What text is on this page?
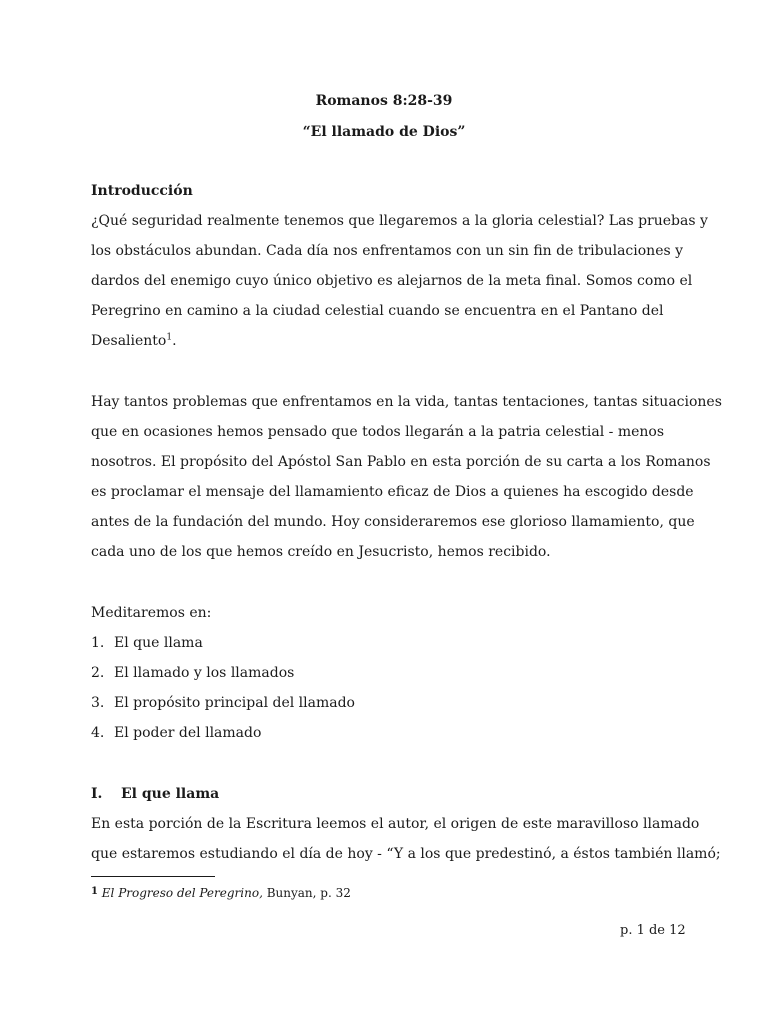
Romanos 8:28-39
“El llamado de Dios”
Introducción
¿Qué seguridad realmente tenemos que llegaremos a la gloria celestial? Las pruebas y
los obstáculos abundan. Cada día nos enfrentamos con un sin fin de tribulaciones y
dardos del enemigo cuyo único objetivo es alejarnos de la meta final. Somos como el
Peregrino en camino a la ciudad celestial cuando se encuentra en el Pantano del
Desaliento$^1$.
Hay tantos problemas que enfrentamos en la vida, tantas tentaciones, tantas situaciones
que en ocasiones hemos pensado que todos llegarán a la patria celestial - menos
nosotros. El propósito del Apóstol San Pablo en esta porción de su carta a los Romanos
es proclamar el mensaje del llamamiento eficaz de Dios a quienes ha escogido desde
antes de la fundación del mundo. Hoy consideraremos ese glorioso llamamiento, que
cada uno de los que hemos creído en Jesucristo, hemos recibido.
Meditaremos en:
1. El que llama
2. El llamado y los llamados
3. El propósito principal del llamado
4. El poder del llamado
I. El que llama
En esta porción de la Escritura leemos el autor, el origen de este maravilloso llamado
que estaremos estudiando el día de hoy - “Y a los que predestinó, a éstos también llamó;
$^1$ El Progreso del Peregrino, Bunyan, p. 32
p. 1 de 12
